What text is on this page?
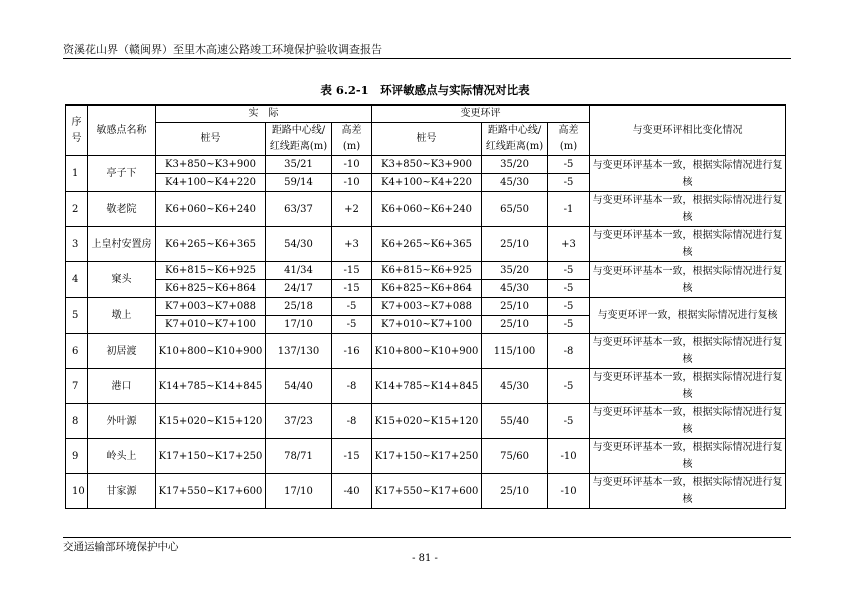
资溪花山界（赣闽界）至里木高速公路竣工环境保护验收调查报告
表 6.2-1　环评敏感点与实际情况对比表
序号	敏感点名称	实　际			变更环评			与变更环评相比变化情况
		桩号	距路中心线/红线距离(m)	高差(m)	桩号	距路中心线/红线距离(m)	高差(m)	
1	亭子下	K3+850~K3+900	35/21	-10	K3+850~K3+900	35/20	-5	与变更环评基本一致，根据实际情况进行复核
		K4+100~K4+220	59/14	-10	K4+100~K4+220	45/30	-5	
2	敬老院	K6+060~K6+240	63/37	+2	K6+060~K6+240	65/50	-1	与变更环评基本一致，根据实际情况进行复核
3	上皇村安置房	K6+265~K6+365	54/30	+3	K6+265~K6+365	25/10	+3	与变更环评基本一致，根据实际情况进行复核
4	窠头	K6+815~K6+925	41/34	-15	K6+815~K6+925	35/20	-5	与变更环评基本一致，根据实际情况进行复核
		K6+825~K6+864	24/17	-15	K6+825~K6+864	45/30	-5	
5	墩上	K7+003~K7+088	25/18	-5	K7+003~K7+088	25/10	-5	与变更环评一致，根据实际情况进行复核
		K7+010~K7+100	17/10	-5	K7+010~K7+100	25/10	-5	
6	初居渡	K10+800~K10+900	137/130	-16	K10+800~K10+900	115/100	-8	与变更环评基本一致，根据实际情况进行复核
7	港口	K14+785~K14+845	54/40	-8	K14+785~K14+845	45/30	-5	与变更环评基本一致，根据实际情况进行复核
8	外叶源	K15+020~K15+120	37/23	-8	K15+020~K15+120	55/40	-5	与变更环评基本一致，根据实际情况进行复核
9	岭头上	K17+150~K17+250	78/71	-15	K17+150~K17+250	75/60	-10	与变更环评基本一致，根据实际情况进行复核
10	甘家源	K17+550~K17+600	17/10	-40	K17+550~K17+600	25/10	-10	与变更环评基本一致，根据实际情况进行复核
交通运输部环境保护中心
- 81 -
